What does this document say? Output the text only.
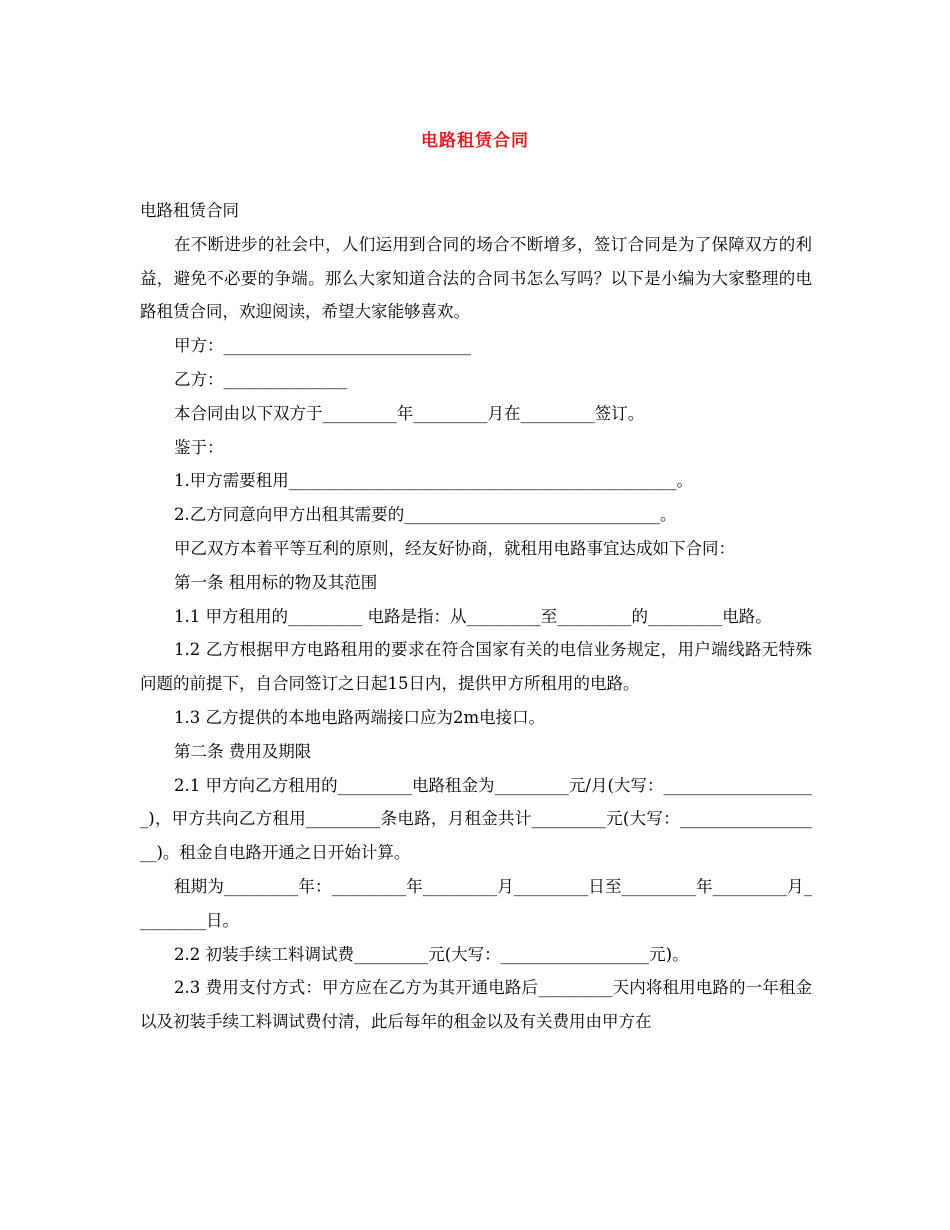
电路租赁合同

电路租赁合同

在不断进步的社会中，人们运用到合同的场合不断增多，签订合同是为了保障双方的利益，避免不必要的争端。那么大家知道合法的合同书怎么写吗？以下是小编为大家整理的电路租赁合同，欢迎阅读，希望大家能够喜欢。

甲方：______________________________

乙方：_______________

本合同由以下双方于_________年_________月在_________签订。

鉴于：

1.甲方需要租用_______________________________________________。

2.乙方同意向甲方出租其需要的_______________________________。

甲乙双方本着平等互利的原则，经友好协商，就租用电路事宜达成如下合同：

第一条 租用标的物及其范围

1.1 甲方租用的_________ 电路是指：从_________至_________的_________电路。

1.2 乙方根据甲方电路租用的要求在符合国家有关的电信业务规定，用户端线路无特殊问题的前提下，自合同签订之日起15日内，提供甲方所租用的电路。

1.3 乙方提供的本地电路两端接口应为2m电接口。

第二条 费用及期限

2.1 甲方向乙方租用的_________电路租金为_________元/月(大写：___________________)，甲方共向乙方租用_________条电路，月租金共计_________元(大写：__________________)。租金自电路开通之日开始计算。

租期为_________年：_________年_________月_________日至_________年_________月_________日。

2.2 初装手续工料调试费_________元(大写：__________________元)。

2.3 费用支付方式：甲方应在乙方为其开通电路后_________天内将租用电路的一年租金以及初装手续工料调试费付清，此后每年的租金以及有关费用由甲方在
